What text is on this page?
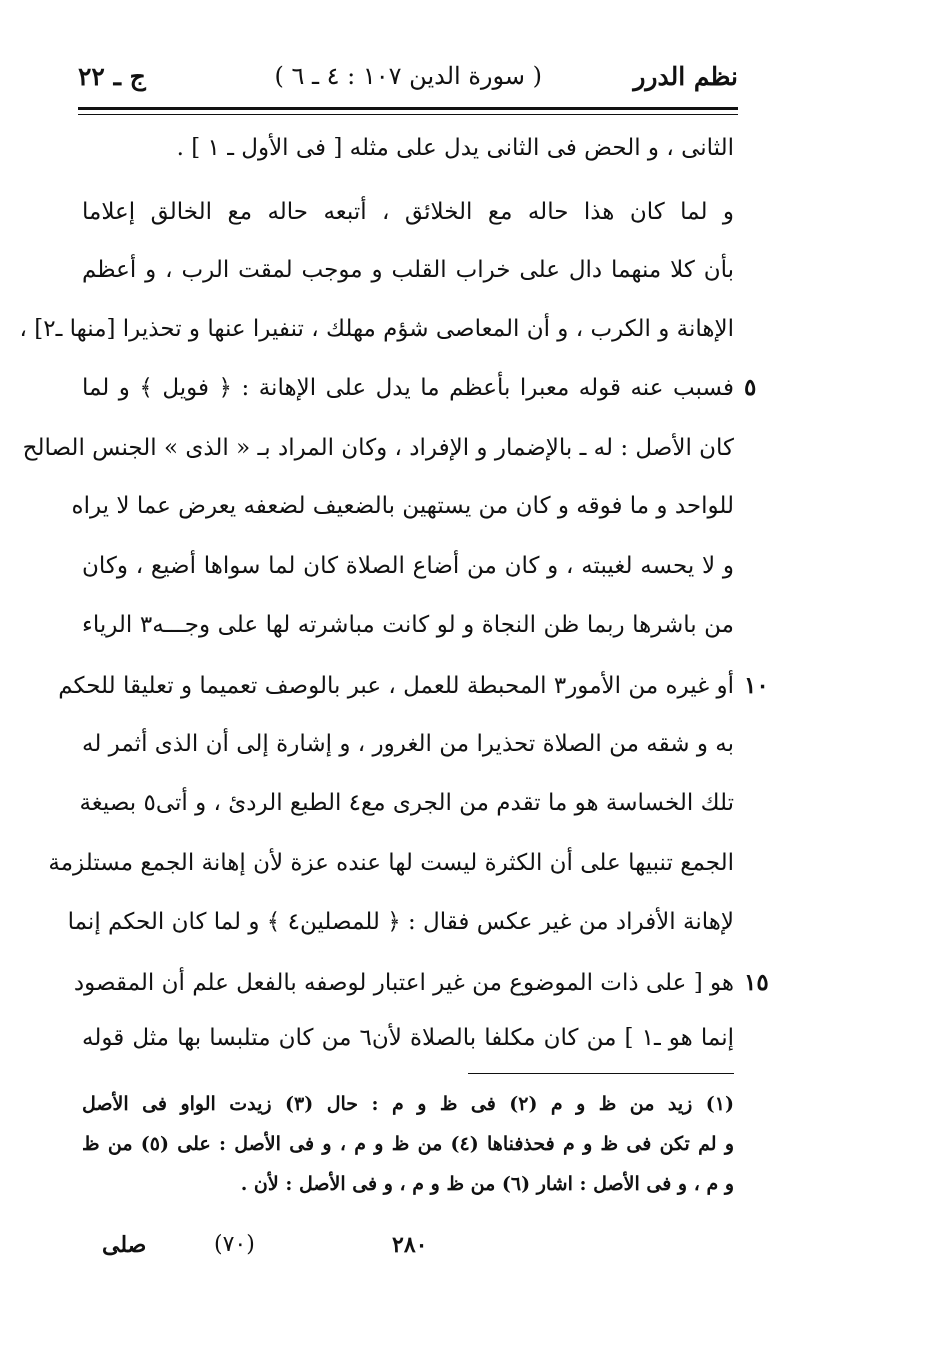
نظم الدرر
( سورة الدين ١٠٧ : ٤ ـ ٦ )
ج ـ ٢٢
الثانى ، و الحض فى الثانى يدل على مثله [ فى الأول ـ ١ ] .
و لما كان هذا حاله مع الخلائق ، أتبعه حاله مع الخالق إعلاما
بأن كلا منهما دال على خراب القلب و موجب لمقت الرب ، و أعظم
الإهانة و الكرب ، و أن المعاصى شؤم مهلك ، تنفيرا عنها و تحذيرا [منها ـ٢] ،
٥
فسبب عنه قوله معبرا بأعظم ما يدل على الإهانة : ﴿ فويل ﴾ و لما
كان الأصل : له ـ بالإضمار و الإفراد ، وكان المراد بـ « الذى » الجنس الصالح
للواحد و ما فوقه و كان من يستهين بالضعيف لضعفه يعرض عما لا يراه
و لا يحسه لغيبته ، و كان من أضاع الصلاة كان لما سواها أضيع ، وكان
من باشرها ربما ظن النجاة و لو كانت مباشرته لها على وجـــه٣ الرياء
١٠
أو غيره من الأمور٣ المحبطة للعمل ، عبر بالوصف تعميما و تعليقا للحكم
به و شقه من الصلاة تحذيرا من الغرور ، و إشارة إلى أن الذى أثمر له
تلك الخساسة هو ما تقدم من الجرى مع٤ الطبع الردئ ، و أتى٥ بصيغة
الجمع تنبيها على أن الكثرة ليست لها عنده عزة لأن إهانة الجمع مستلزمة
لإهانة الأفراد من غير عكس فقال : ﴿ للمصلين٤ ﴾ و لما كان الحكم إنما
١٥
هو [ على ذات الموضوع من غير اعتبار لوصفه بالفعل علم أن المقصود
إنما هو ـ١ ] من كان مكلفا بالصلاة لأن٦ من كان متلبسا بها مثل قوله
(١) زيد من ظ و م (٢) فى ظ و م : حال (٣) زيدت الواو فى الأصل
و لم تكن فى ظ و م فحذفناها (٤) من ظ و م ، و فى الأصل : على (٥) من ظ
و م ، و فى الأصل : اشار (٦) من ظ و م ، و فى الأصل : لأن .
٢٨٠
(٧٠)
صلى
